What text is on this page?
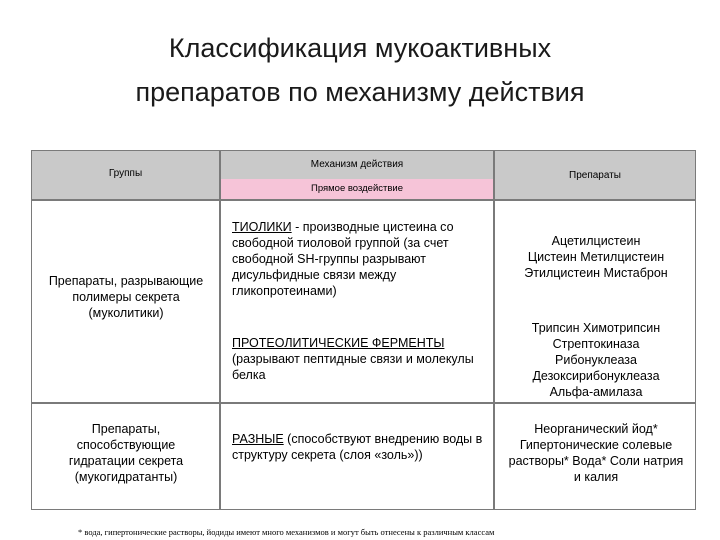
Классификация мукоактивных
препаратов по механизму действия
Группы
Механизм действия
Прямое воздействие
Препараты
Препараты, разрывающие полимеры секрета (муколитики)
ТИОЛИКИ - производные цистеина со свободной тиоловой группой (за счет свободной SH-группы разрывают дисульфидные связи между гликопротеинами)
Ацетилцистеин
Цистеин Метилцистеин
Этилцистеин Мистаброн
ПРОТЕОЛИТИЧЕСКИЕ ФЕРМЕНТЫ
(разрывают пептидные связи и молекулы белка
Трипсин Химотрипсин
Стрептокиназа
Рибонуклеаза
Дезоксирибонуклеаза
Альфа-амилаза
Препараты, способствующие гидратации секрета (мукогидратанты)
РАЗНЫЕ (способствуют внедрению воды в структуру секрета (слоя «золь»))
Неорганический йод*
Гипертонические солевые
растворы* Вода* Соли натрия
и калия
* вода, гипертонические растворы, йодиды имеют много механизмов и могут быть отнесены к различным классам
